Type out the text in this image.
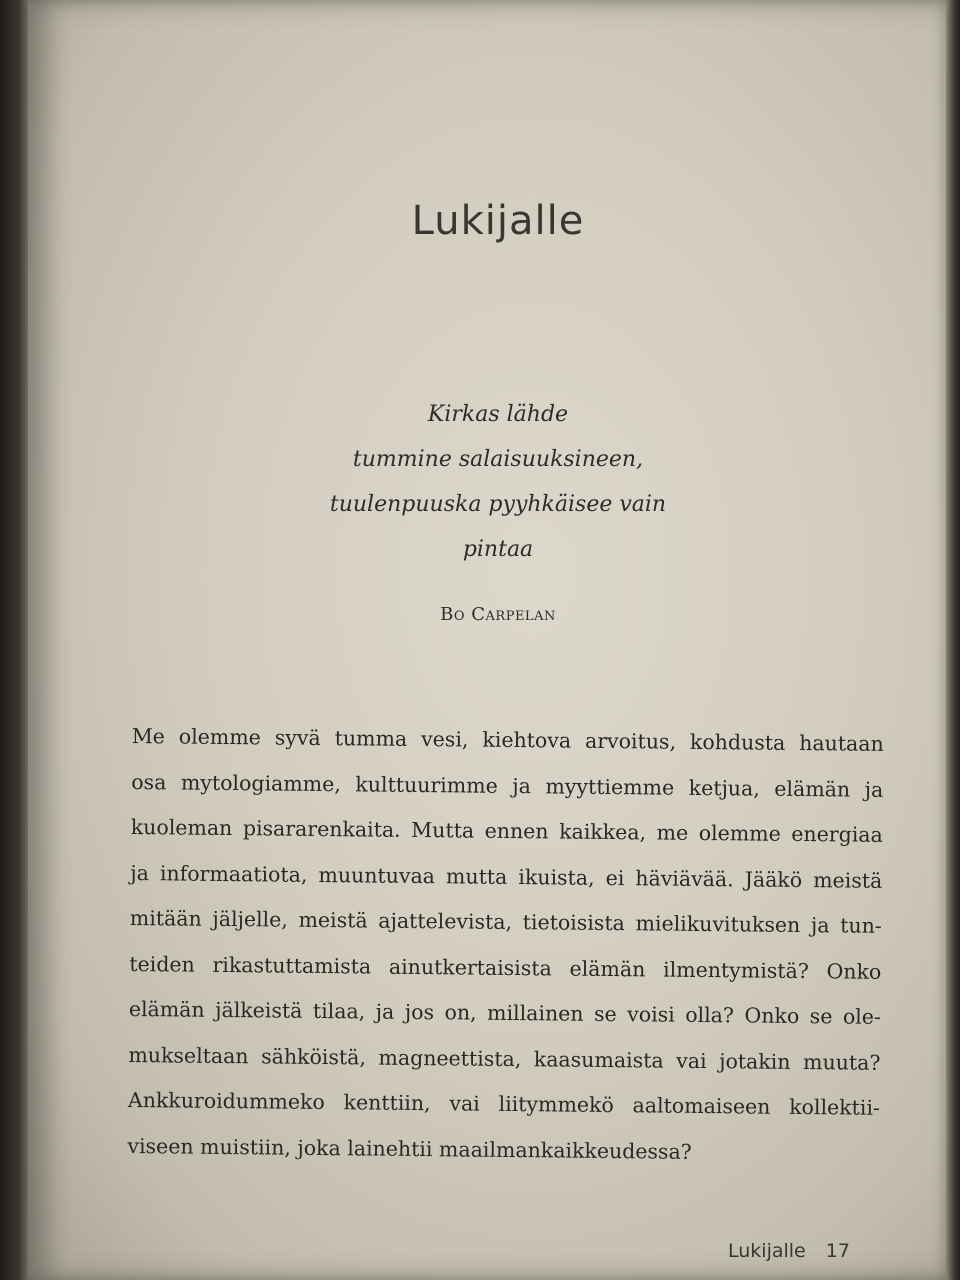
Lukijalle
Kirkas lähde
tummine salaisuuksineen,
tuulenpuuska pyyhkäisee vain
pintaa
Bo Carpelan
Me olemme syvä tumma vesi, kiehtova arvoitus, kohdusta hautaan
osa mytologiamme, kulttuurimme ja myyttiemme ketjua, elämän ja
kuoleman pisararenkaita. Mutta ennen kaikkea, me olemme energiaa
ja informaatiota, muuntuvaa mutta ikuista, ei häviävää. Jääkö meistä
mitään jäljelle, meistä ajattelevista, tietoisista mielikuvituksen ja tun-
teiden rikastuttamista ainutkertaisista elämän ilmentymistä? Onko
elämän jälkeistä tilaa, ja jos on, millainen se voisi olla? Onko se ole-
mukseltaan sähköistä, magneettista, kaasumaista vai jotakin muuta?
Ankkuroidummeko kenttiin, vai liitymmekö aaltomaiseen kollektii-
viseen muistiin, joka lainehtii maailmankaikkeudessa?
Lukijalle 17
